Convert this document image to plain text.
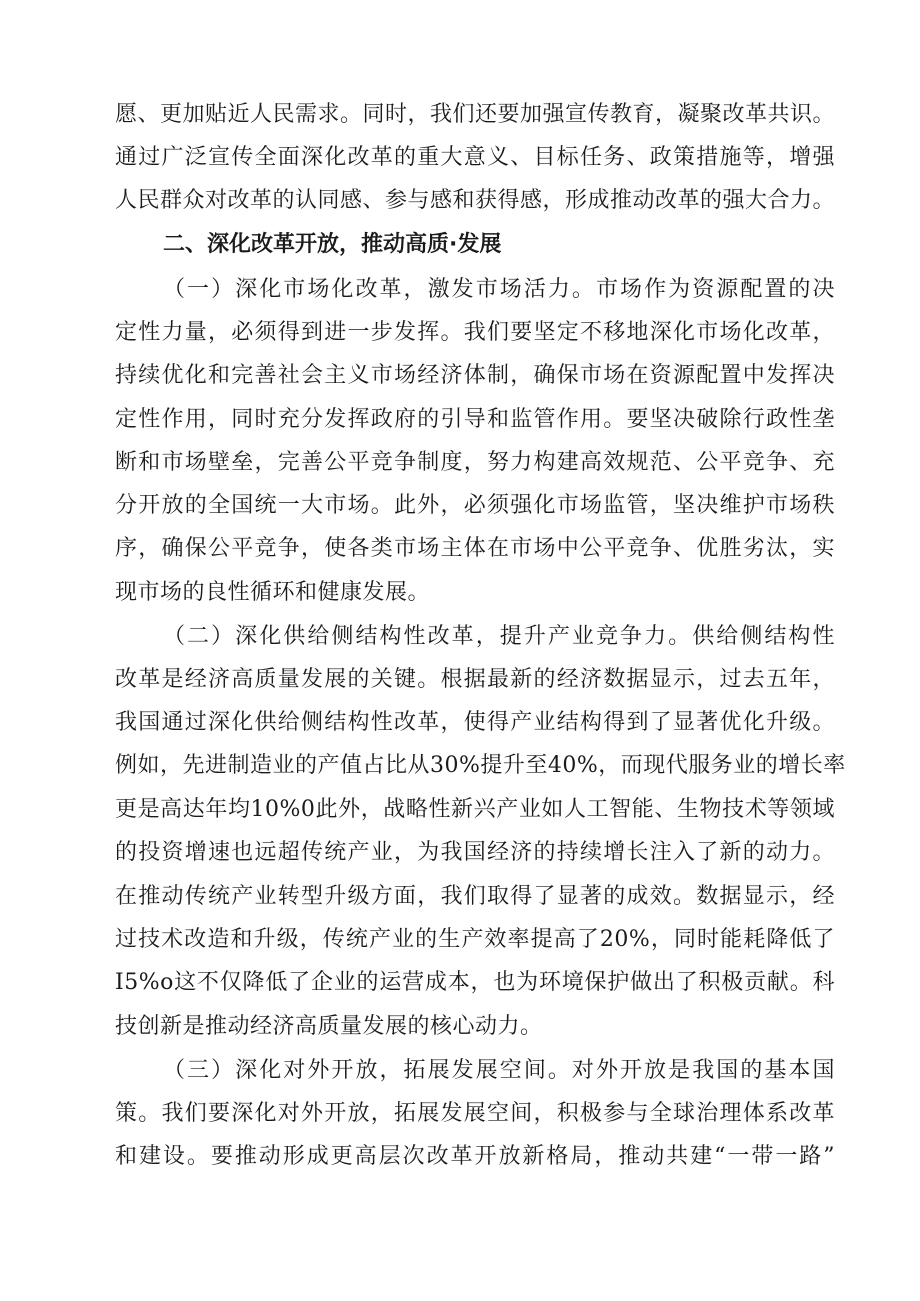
愿、更加贴近人民需求。同时，我们还要加强宣传教育，凝聚改革共识。
通过广泛宣传全面深化改革的重大意义、目标任务、政策措施等，增强
人民群众对改革的认同感、参与感和获得感，形成推动改革的强大合力。
二、深化改革开放，推动高质·发展
（一）深化市场化改革，激发市场活力。市场作为资源配置的决
定性力量，必须得到进一步发挥。我们要坚定不移地深化市场化改革，
持续优化和完善社会主义市场经济体制，确保市场在资源配置中发挥决
定性作用，同时充分发挥政府的引导和监管作用。要坚决破除行政性垄
断和市场壁垒，完善公平竞争制度，努力构建高效规范、公平竞争、充
分开放的全国统一大市场。此外，必须强化市场监管，坚决维护市场秩
序，确保公平竞争，使各类市场主体在市场中公平竞争、优胜劣汰，实
现市场的良性循环和健康发展。
（二）深化供给侧结构性改革，提升产业竞争力。供给侧结构性
改革是经济高质量发展的关键。根据最新的经济数据显示，过去五年，
我国通过深化供给侧结构性改革，使得产业结构得到了显著优化升级。
例如，先进制造业的产值占比从30%提升至40%，而现代服务业的增长率
更是高达年均10%0此外，战略性新兴产业如人工智能、生物技术等领域
的投资增速也远超传统产业，为我国经济的持续增长注入了新的动力。
在推动传统产业转型升级方面，我们取得了显著的成效。数据显示，经
过技术改造和升级，传统产业的生产效率提高了20%，同时能耗降低了
I5%o这不仅降低了企业的运营成本，也为环境保护做出了积极贡献。科
技创新是推动经济高质量发展的核心动力。
（三）深化对外开放，拓展发展空间。对外开放是我国的基本国
策。我们要深化对外开放，拓展发展空间，积极参与全球治理体系改革
和建设。要推动形成更高层次改革开放新格局，推动共建“一带一路”
